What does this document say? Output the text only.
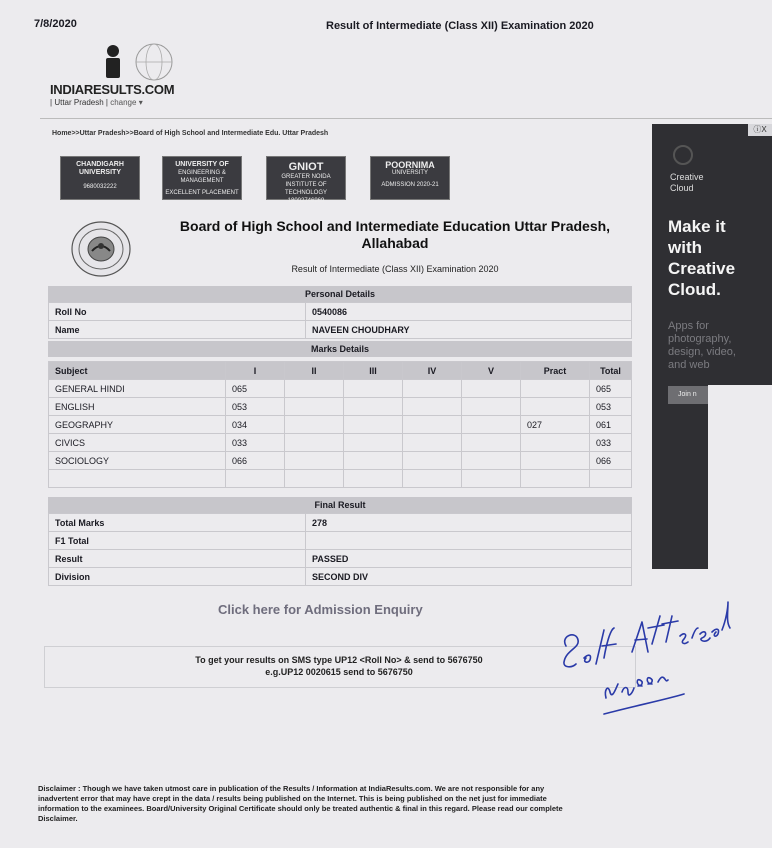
7/8/2020	Result of Intermediate (Class XII) Examination 2020
INDIARESULTS.COM
| Uttar Pradesh | change ▾
Home>>Uttar Pradesh>>Board of High School and Intermediate Edu. Uttar Pradesh
CHANDIGARH
UNIVERSITY
9680032222
UNIVERSITY OF
ENGINEERING & MANAGEMENT
EXCELLENT PLACEMENT
GNIOT
GREATER NOIDA INSTITUTE OF TECHNOLOGY
18002746969
POORNIMA
UNIVERSITY
ADMISSION 2020-21
Board of High School and Intermediate Education Uttar Pradesh,
Allahabad
Result of Intermediate (Class XII) Examination 2020
Personal Details
Roll No	0540086
Name	NAVEEN CHOUDHARY
Marks Details
Subject	I	II	III	IV	V	Pract	Total
GENERAL HINDI	065						065
ENGLISH	053						053
GEOGRAPHY	034					027	061
CIVICS	033						033
SOCIOLOGY	066						066

Final Result
Total Marks	278
F1 Total	
Result	PASSED
Division	SECOND DIV
Click here for Admission Enquiry
To get your results on SMS type UP12 <Roll No> & send to 5676750
e.g.UP12 0020615 send to 5676750
Disclaimer : Though we have taken utmost care in publication of the Results / Information at IndiaResults.com. We are not responsible for any inadvertent error that may have crept in the data / results being published on the Internet. This is being published on the net just for immediate information to the examinees. Board/University Original Certificate should only be treated authentic & final in this regard. Please read our complete Disclaimer.
Creative
Cloud
Make it
with
Creative
Cloud.
Apps for
photography,
design, video,
and web
Join n
ⓘX
